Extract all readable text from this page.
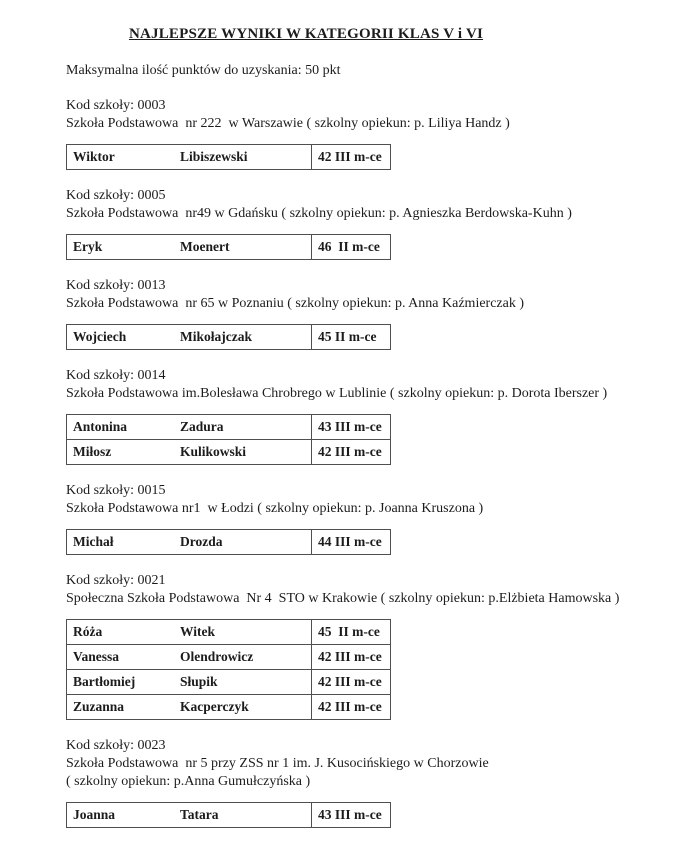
NAJLEPSZE WYNIKI W KATEGORII KLAS V i VI

Maksymalna ilość punktów do uzyskania: 50 pkt

Kod szkoły: 0003

Szkoła Podstawowa  nr 222  w Warszawie ( szkolny opiekun: p. Liliya Handz )

Wiktor	Libiszewski	42 III m-ce

Kod szkoły: 0005

Szkoła Podstawowa  nr49 w Gdańsku ( szkolny opiekun: p. Agnieszka Berdowska-Kuhn )

Eryk	Moenert	46  II m-ce

Kod szkoły: 0013

Szkoła Podstawowa  nr 65 w Poznaniu ( szkolny opiekun: p. Anna Kaźmierczak )

Wojciech	Mikołajczak	45 II m-ce

Kod szkoły: 0014

Szkoła Podstawowa im.Bolesława Chrobrego w Lublinie ( szkolny opiekun: p. Dorota Iberszer )

Antonina	Zadura	43 III m-ce
Miłosz	Kulikowski	42 III m-ce

Kod szkoły: 0015

Szkoła Podstawowa nr1  w Łodzi ( szkolny opiekun: p. Joanna Kruszona )

Michał	Drozda	44 III m-ce

Kod szkoły: 0021

Społeczna Szkoła Podstawowa  Nr 4  STO w Krakowie ( szkolny opiekun: p.Elżbieta Hamowska )

Róża	Witek	45  II m-ce
Vanessa	Olendrowicz	42 III m-ce
Bartłomiej	Słupik	42 III m-ce
Zuzanna	Kacperczyk	42 III m-ce

Kod szkoły: 0023

Szkoła Podstawowa  nr 5 przy ZSS nr 1 im. J. Kusocińskiego w Chorzowie

( szkolny opiekun: p.Anna Gumułczyńska )

Joanna	Tatara	43 III m-ce
